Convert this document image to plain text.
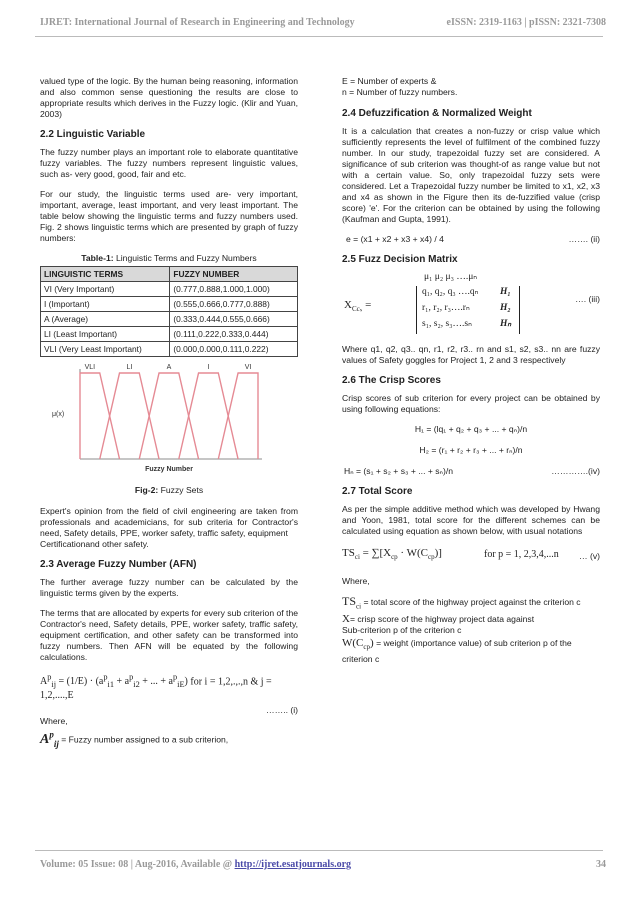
IJRET: International Journal of Research in Engineering and Technology	eISSN: 2319-1163 | pISSN: 2321-7308

valued type of the logic. By the human being reasoning, information and also common sense questioning the results are close to appropriate results which derives in the Fuzzy logic. (Klir and Yuan, 2003)

2.2 Linguistic Variable

The fuzzy number plays an important role to elaborate quantitative fuzzy variables. The fuzzy numbers represent linguistic values, such as- very good, good, fair and etc.

For our study, the linguistic terms used are- very important, important, average, least important, and very least important. The table below showing the linguistic terms and fuzzy numbers used. Fig. 2 shows linguistic terms which are presented by graph of fuzzy numbers:

Table-1: Linguistic Terms and Fuzzy Numbers
LINGUISTIC TERMS	FUZZY NUMBER
VI (Very Important)	(0.777,0.888,1.000,1.000)
I (Important)	(0.555,0.666,0.777,0.888)
A (Average)	(0.333,0.444,0.555,0.666)
LI (Least Important)	(0.111,0.222,0.333,0.444)
VLI (Very Least Important)	(0.000,0.000,0.111,0.222)
VLI	LI	A	I	VI
μ(x)
Fuzzy Number
Fig-2: Fuzzy Sets

Expert's opinion from the field of civil engineering are taken from professionals and academicians, for sub criteria for Contractor's need, Safety details, PPE, worker safety, traffic safety, equipment

Certificationand other safety.

2.3 Average Fuzzy Number (AFN)

The further average fuzzy number can be calculated by the linguistic terms given by the experts.

The terms that are allocated by experts for every sub criterion of the Contractor's need, Safety details, PPE, worker safety, traffic safety, equipment certification, and other safety can be transformed into fuzzy numbers. Then AFN will be equated by the following calculations.

$A^p_{ij} = (1/E) \cdot (a^p_{i1} + a^p_{i2}$ + ... + $a^p_{iE}$) for i = 1,2,.,.,n & j = 1,2,....,E
…….. (i)
Where,
$A^p_{ij}$ = Fuzzy number assigned to a sub criterion,
E = Number of experts &

n = Number of fuzzy numbers.

2.4 Defuzzification & Normalized Weight

It is a calculation that creates a non-fuzzy or crisp value which sufficiently represents the level of fulfilment of the combined fuzzy number. In our study, trapezoidal fuzzy set are considered. A significance of sub criterion was thought-of as range value but not with a certain value. So, only trapezoidal fuzzy sets were considered. Let a Trapezoidal fuzzy number be limited to x1, x2, x3 and x4 as shown in the Figure then its de-fuzzified value (crisp score) 'e'. For the criterion can be obtained by using the following (Kaufman and Gupta, 1991).

e = (x1 + x2 + x3 + x4) / 4	……. (ii)
2.5 Fuzz Decision Matrix
μ₁ μ₂ μ₃ ….μₙ
$X_{Cc_s}$ =
q₁, q₂, q₃ ….qₙ
r₁, r₂, r₃….rₙ
s₁, s₂, s₃….sₙ
H₁
H₂
Hₙ
…. (iii)

Where q1, q2, q3.. qn, r1, r2, r3.. rn and s1, s2, s3.. nn are fuzzy values of Safety goggles for Project 1, 2 and 3 respectively

2.6 The Crisp Scores

Crisp scores of sub criterion for every project can be obtained by using following equations:

H₁ = (lq₁ + q₂ + q₃ + ... + qₙ)/n
H₂ = (r₁ + r₂ + r₃ + ... + rₙ)/n
Hₙ = (s₁ + s₂ + s₃ + ... + sₙ)/n	………….(iv)
2.7 Total Score

As per the simple additive method which was developed by Hwang and Yoon, 1981, total score for the different schemes can be calculated using equation as shown below, with usual notations

$TS_{ci} = \sum[X_{cp} \cdot W(C_{cp})]$	for p = 1, 2,3,4,...n … (v)

Where,

$TS_{ci}$ = total score of the highway project against the criterion c

X= crisp score of the highway project data against
Sub-criterion p of the criterion c
$W(C_{cp})$ = weight (importance value) of sub criterion p of the criterion c
Volume: 05 Issue: 08 | Aug-2016, Available @ http://ijret.esatjournals.org	34
